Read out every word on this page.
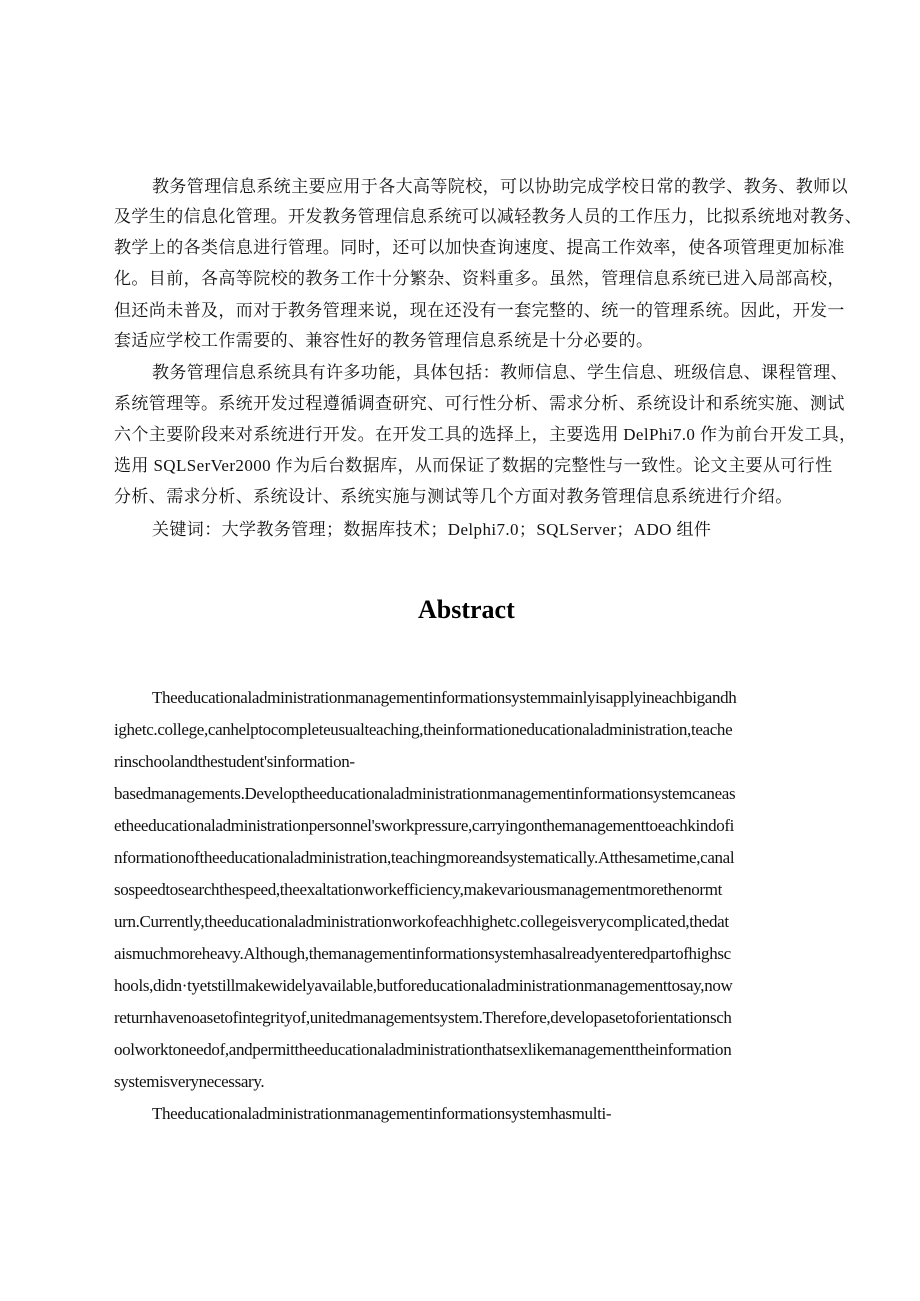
教务管理信息系统主要应用于各大高等院校，可以协助完成学校日常的教学、教务、教师以
及学生的信息化管理。开发教务管理信息系统可以减轻教务人员的工作压力，比拟系统地对教务、
教学上的各类信息进行管理。同时，还可以加快查询速度、提高工作效率，使各项管理更加标准
化。目前，各高等院校的教务工作十分繁杂、资料重多。虽然，管理信息系统已进入局部高校，
但还尚未普及，而对于教务管理来说，现在还没有一套完整的、统一的管理系统。因此，开发一
套适应学校工作需要的、兼容性好的教务管理信息系统是十分必要的。
教务管理信息系统具有许多功能，具体包括：教师信息、学生信息、班级信息、课程管理、
系统管理等。系统开发过程遵循调查研究、可行性分析、需求分析、系统设计和系统实施、测试
六个主要阶段来对系统进行开发。在开发工具的选择上，主要选用 DelPhi7.0 作为前台开发工具，
选用 SQLSerVer2000 作为后台数据库，从而保证了数据的完整性与一致性。论文主要从可行性
分析、需求分析、系统设计、系统实施与测试等几个方面对教务管理信息系统进行介绍。
关键词：大学教务管理；数据库技术；Delphi7.0；SQLServer；ADO 组件
Abstract
Theeducationaladministrationmanagementinformationsystemmainlyisapplyineachbigandh
ighetc.college,canhelptocompleteusualteaching,theinformationeducationaladministration,teache
rinschoolandthestudent'sinformation-
basedmanagements.Developtheeducationaladministrationmanagementinformationsystemcaneas
etheeducationaladministrationpersonnel'sworkpressure,carryingonthemanagementtoeachkindofi
nformationoftheeducationaladministration,teachingmoreandsystematically.Atthesametime,canal
sospeedtosearchthespeed,theexaltationworkefficiency,makevariousmanagementmorethenormt
urn.Currently,theeducationaladministrationworkofeachhighetc.collegeisverycomplicated,thedat
aismuchmoreheavy.Although,themanagementinformationsystemhasalreadyenteredpartofhighsc
hools,didn·tyetstillmakewidelyavailable,butforeducationaladministrationmanagementtosay,now
returnhavenoasetofintegrityof,unitedmanagementsystem.Therefore,developasetoforientationsch
oolworktoneedof,andpermittheeducationaladministrationthatsexlikemanagementtheinformation
systemisverynecessary.
Theeducationaladministrationmanagementinformationsystemhasmulti-
